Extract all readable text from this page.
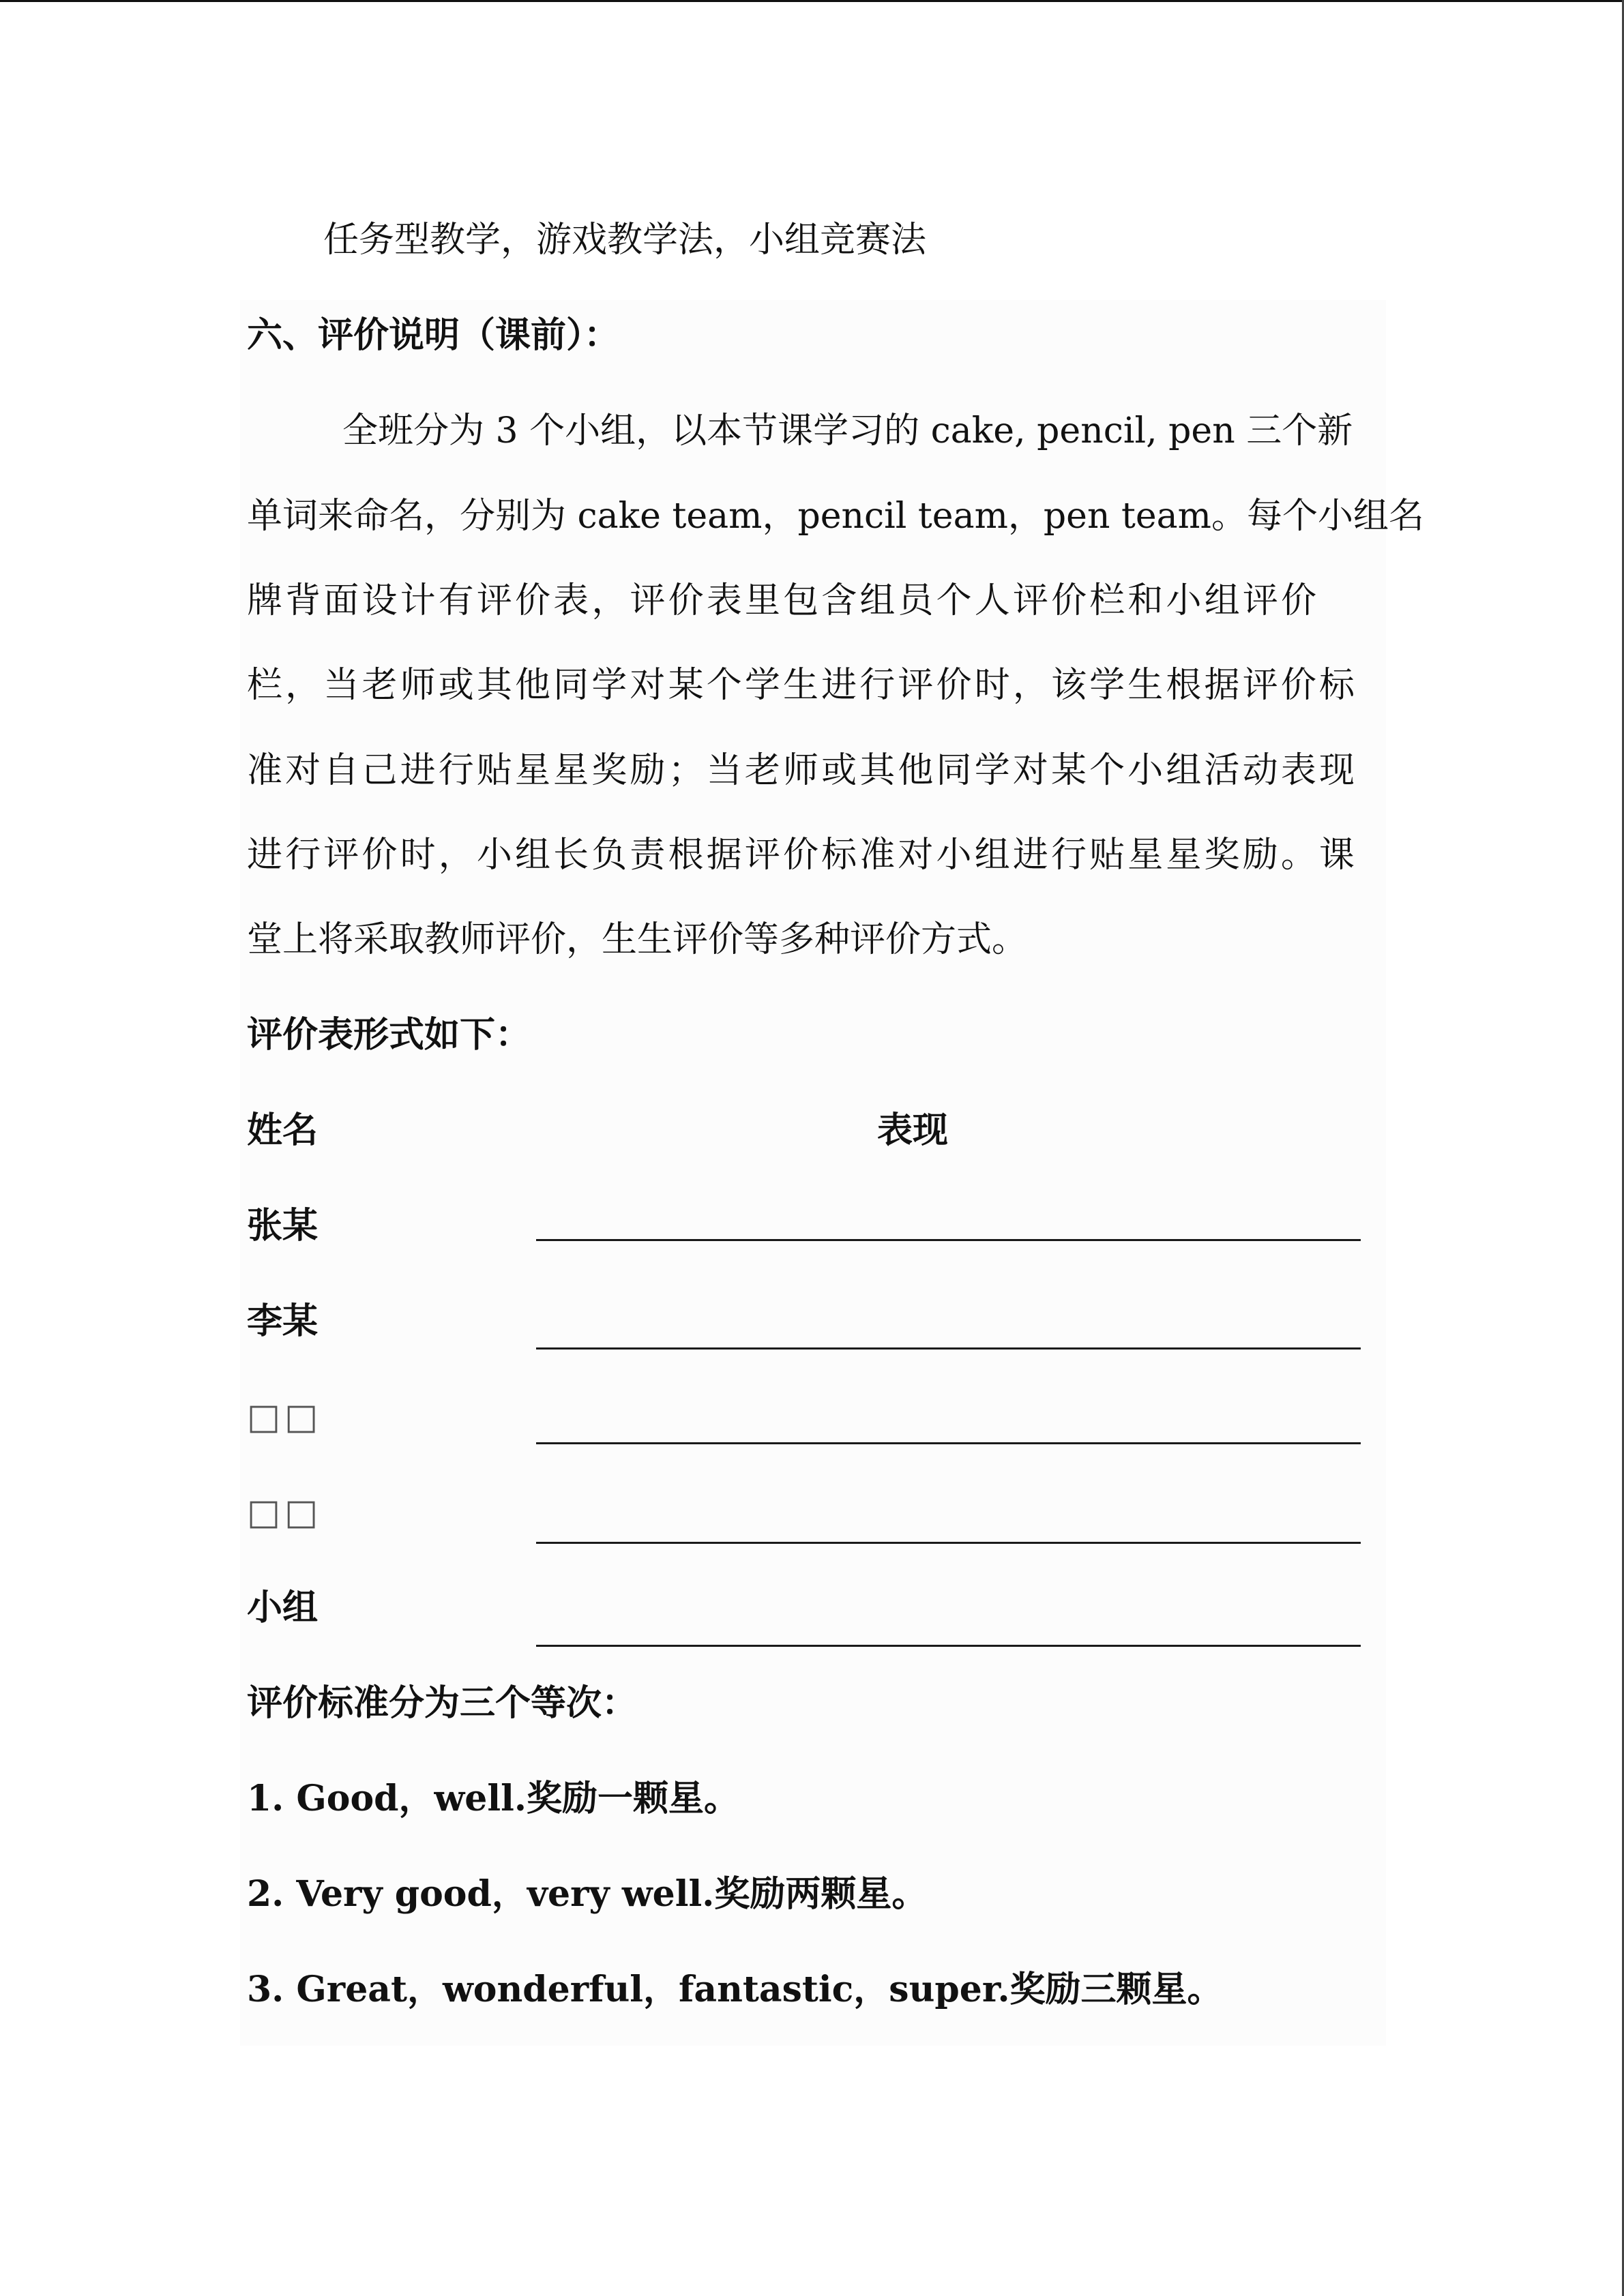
任务型教学，游戏教学法，小组竞赛法
六、评价说明（课前）：
全班分为 3 个小组，以本节课学习的 cake, pencil, pen 三个新
单词来命名，分别为 cake team，pencil team，pen team。每个小组名
牌背面设计有评价表，评价表里包含组员个人评价栏和小组评价
栏，当老师或其他同学对某个学生进行评价时，该学生根据评价标
准对自己进行贴星星奖励；当老师或其他同学对某个小组活动表现
进行评价时，小组长负责根据评价标准对小组进行贴星星奖励。课
堂上将采取教师评价，生生评价等多种评价方式。
评价表形式如下：
姓名	表现
张某
李某
□□
□□
小组
评价标准分为三个等次：
1. Good，well.奖励一颗星。
2. Very good，very well.奖励两颗星。
3. Great，wonderful，fantastic，super.奖励三颗星。
